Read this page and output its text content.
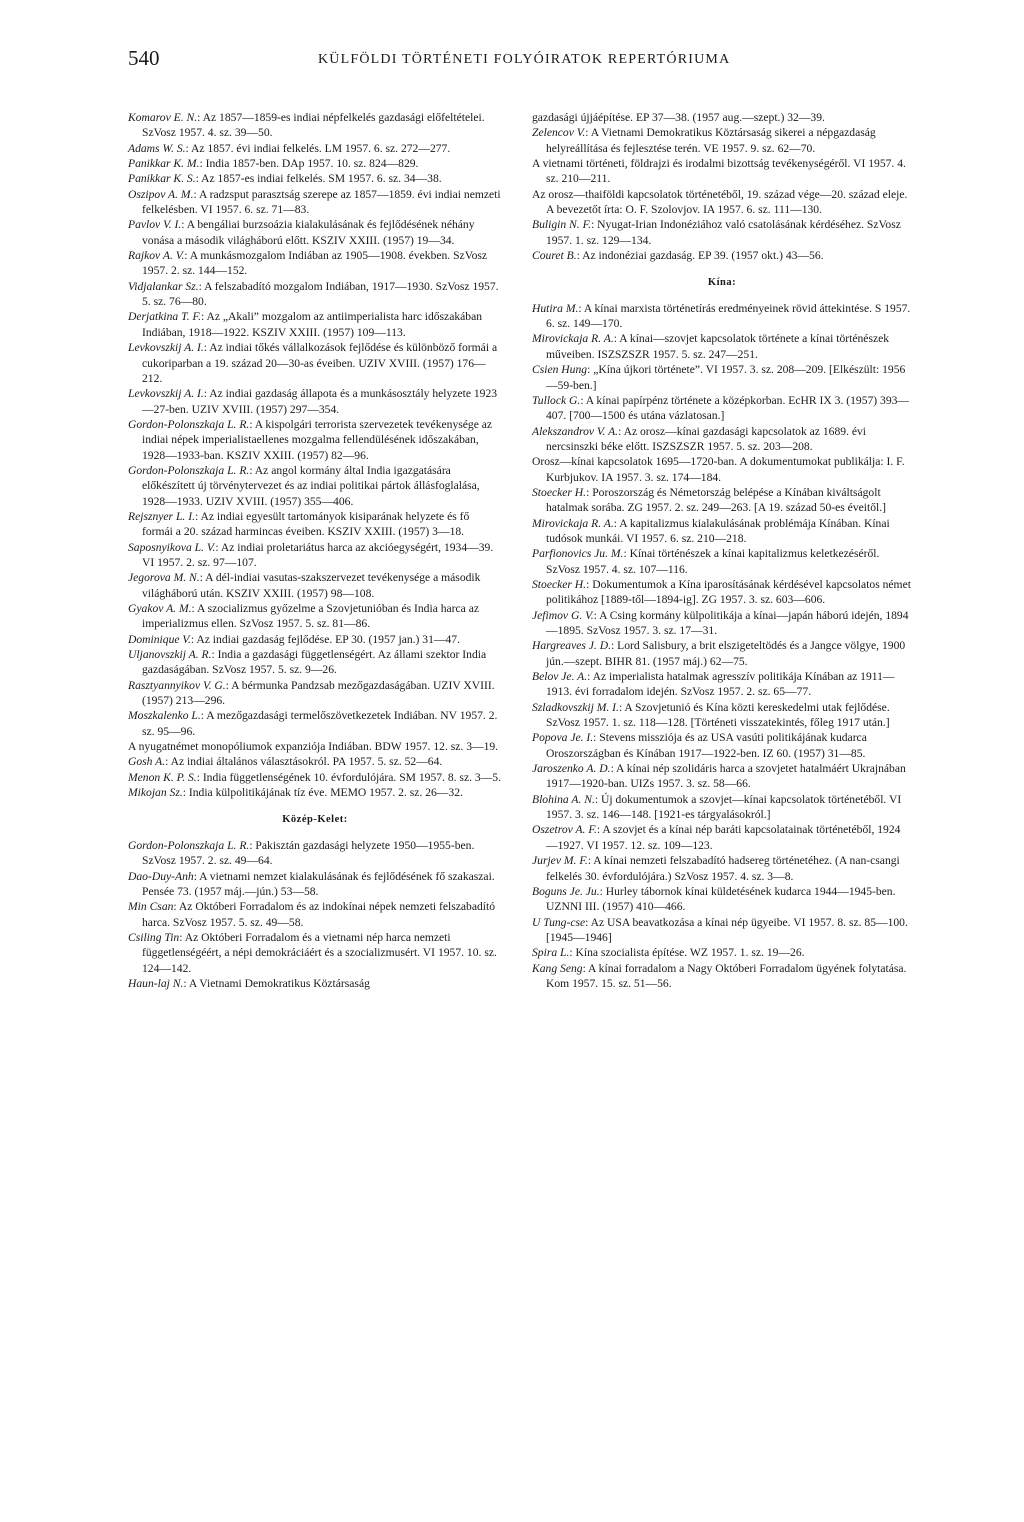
540	KÜLFÖLDI TÖRTÉNETI FOLYÓIRATOK REPERTÓRIUMA

Komarov E. N.: Az 1857—1859-es indiai népfelkelés gazdasági előfeltételei. SzVosz 1957. 4. sz. 39—50.

Adams W. S.: Az 1857. évi indiai felkelés. LM 1957. 6. sz. 272—277.

Panikkar K. M.: India 1857-ben. DAp 1957. 10. sz. 824—829.

Panikkar K. S.: Az 1857-es indiai felkelés. SM 1957. 6. sz. 34—38.

Oszipov A. M.: A radzsput parasztság szerepe az 1857—1859. évi indiai nemzeti felkelésben. VI 1957. 6. sz. 71—83.

Pavlov V. I.: A bengáliai burzsoázia kialakulásának és fejlődésének néhány vonása a második világháború előtt. KSZIV XXIII. (1957) 19—34.

Rajkov A. V.: A munkásmozgalom Indiában az 1905—1908. években. SzVosz 1957. 2. sz. 144—152.

Vidjalankar Sz.: A felszabadító mozgalom Indiában, 1917—1930. SzVosz 1957. 5. sz. 76—80.

Derjatkina T. F.: Az „Akali” mozgalom az antiimperialista harc időszakában Indiában, 1918—1922. KSZIV XXIII. (1957) 109—113.

Levkovszkij A. I.: Az indiai tőkés vállalkozások fejlődése és különböző formái a cukoriparban a 19. század 20—30-as éveiben. UZIV XVIII. (1957) 176—212.

Levkovszkij A. I.: Az indiai gazdaság állapota és a munkásosztály helyzete 1923—27-ben. UZIV XVIII. (1957) 297—354.

Gordon-Polonszkaja L. R.: A kispolgári terrorista szervezetek tevékenysége az indiai népek imperialistaellenes mozgalma fellendülésének időszakában, 1928—1933-ban. KSZIV XXIII. (1957) 82—96.

Gordon-Polonszkaja L. R.: Az angol kormány által India igazgatására előkészített új törvénytervezet és az indiai politikai pártok állásfoglalása, 1928—1933. UZIV XVIII. (1957) 355—406.

Rejsznyer L. I.: Az indiai egyesült tartományok kisiparának helyzete és fő formái a 20. század harmincas éveiben. KSZIV XXIII. (1957) 3—18.

Saposnyikova L. V.: Az indiai proletariátus harca az akcióegységért, 1934—39. VI 1957. 2. sz. 97—107.

Jegorova M. N.: A dél-indiai vasutas-szakszervezet tevékenysége a második világháború után. KSZIV XXIII. (1957) 98—108.

Gyakov A. M.: A szocializmus győzelme a Szovjetunióban és India harca az imperializmus ellen. SzVosz 1957. 5. sz. 81—86.

Dominique V.: Az indiai gazdaság fejlődése. EP 30. (1957 jan.) 31—47.

Uljanovszkij A. R.: India a gazdasági függetlenségért. Az állami szektor India gazdaságában. SzVosz 1957. 5. sz. 9—26.

Rasztyannyikov V. G.: A bérmunka Pandzsab mezőgazdaságában. UZIV XVIII. (1957) 213—296.

Moszkalenko L.: A mezőgazdasági termelőszövetkezetek Indiában. NV 1957. 2. sz. 95—96.

A nyugatnémet monopóliumok expanziója Indiában. BDW 1957. 12. sz. 3—19.

Gosh A.: Az indiai általános választásokról. PA 1957. 5. sz. 52—64.

Menon K. P. S.: India függetlenségének 10. évfordulójára. SM 1957. 8. sz. 3—5.

Mikojan Sz.: India külpolitikájának tíz éve. MEMO 1957. 2. sz. 26—32.

Közép-Kelet:

Gordon-Polonszkaja L. R.: Pakisztán gazdasági helyzete 1950—1955-ben. SzVosz 1957. 2. sz. 49—64.

Dao-Duy-Anh: A vietnami nemzet kialakulásának és fejlődésének fő szakaszai. Pensée 73. (1957 máj.—jún.) 53—58.

Min Csan: Az Októberi Forradalom és az indokínai népek nemzeti felszabadító harca. SzVosz 1957. 5. sz. 49—58.

Csiling Tin: Az Októberi Forradalom és a vietnami nép harca nemzeti függetlenségéért, a népi demokráciáért és a szocializmusért. VI 1957. 10. sz. 124—142.

Haun-laj N.: A Vietnami Demokratikus Köztársaság

gazdasági újjáépítése. EP 37—38. (1957 aug.—szept.) 32—39.

Zelencov V.: A Vietnami Demokratikus Köztársaság sikerei a népgazdaság helyreállítása és fejlesztése terén. VE 1957. 9. sz. 62—70.

A vietnami történeti, földrajzi és irodalmi bizottság tevékenységéről. VI 1957. 4. sz. 210—211.

Az orosz—thaiföldi kapcsolatok történetéből, 19. század vége—20. század eleje. A bevezetőt írta: O. F. Szolovjov. IA 1957. 6. sz. 111—130.

Buligin N. F.: Nyugat-Irian Indonéziához való csatolásának kérdéséhez. SzVosz 1957. 1. sz. 129—134.

Couret B.: Az indonéziai gazdaság. EP 39. (1957 okt.) 43—56.

Kína:

Hutira M.: A kínai marxista történetírás eredményeinek rövid áttekintése. S 1957. 6. sz. 149—170.

Mirovickaja R. A.: A kínai—szovjet kapcsolatok története a kínai történészek műveiben. ISZSZSZR 1957. 5. sz. 247—251.

Csien Hung: „Kína újkori története”. VI 1957. 3. sz. 208—209. [Elkészült: 1956—59-ben.]

Tullock G.: A kínai papírpénz története a középkorban. EcHR IX 3. (1957) 393—407. [700—1500 és utána vázlatosan.]

Alekszandrov V. A.: Az orosz—kínai gazdasági kapcsolatok az 1689. évi nercsinszki béke előtt. ISZSZSZR 1957. 5. sz. 203—208.

Orosz—kínai kapcsolatok 1695—1720-ban. A dokumentumokat publikálja: I. F. Kurbjukov. IA 1957. 3. sz. 174—184.

Stoecker H.: Poroszország és Németország belépése a Kínában kiváltságolt hatalmak sorába. ZG 1957. 2. sz. 249—263. [A 19. század 50-es éveitől.]

Mirovickaja R. A.: A kapitalizmus kialakulásának problémája Kínában. Kínai tudósok munkái. VI 1957. 6. sz. 210—218.

Parfionovics Ju. M.: Kínai történészek a kínai kapitalizmus keletkezéséről. SzVosz 1957. 4. sz. 107—116.

Stoecker H.: Dokumentumok a Kína iparosításának kérdésével kapcsolatos német politikához [1889-től—1894-ig]. ZG 1957. 3. sz. 603—606.

Jefimov G. V.: A Csing kormány külpolitikája a kínai—japán háború idején, 1894—1895. SzVosz 1957. 3. sz. 17—31.

Hargreaves J. D.: Lord Salisbury, a brit elszigeteltödés és a Jangce völgye, 1900 jún.—szept. BIHR 81. (1957 máj.) 62—75.

Belov Je. A.: Az imperialista hatalmak agresszív politikája Kínában az 1911—1913. évi forradalom idején. SzVosz 1957. 2. sz. 65—77.

Szladkovszkij M. I.: A Szovjetunió és Kína közti kereskedelmi utak fejlődése. SzVosz 1957. 1. sz. 118—128. [Történeti visszatekintés, főleg 1917 után.]

Popova Je. I.: Stevens missziója és az USA vasúti politikájának kudarca Oroszországban és Kínában 1917—1922-ben. IZ 60. (1957) 31—85.

Jaroszenko A. D.: A kínai nép szolidáris harca a szovjetet hatalmáért Ukrajnában 1917—1920-ban. UIZs 1957. 3. sz. 58—66.

Blohina A. N.: Új dokumentumok a szovjet—kínai kapcsolatok történetéből. VI 1957. 3. sz. 146—148. [1921-es tárgyalásokról.]

Oszetrov A. F.: A szovjet és a kínai nép baráti kapcsolatainak történetéből, 1924—1927. VI 1957. 12. sz. 109—123.

Jurjev M. F.: A kínai nemzeti felszabadító hadsereg történetéhez. (A nan-csangi felkelés 30. évfordulójára.) SzVosz 1957. 4. sz. 3—8.

Boguns Je. Ju.: Hurley tábornok kínai küldetésének kudarca 1944—1945-ben. UZNNI III. (1957) 410—466.

U Tung-cse: Az USA beavatkozása a kínai nép ügyeibe. VI 1957. 8. sz. 85—100. [1945—1946]

Spira L.: Kína szocialista építése. WZ 1957. 1. sz. 19—26.

Kang Seng: A kínai forradalom a Nagy Októberi Forradalom ügyének folytatása. Kom 1957. 15. sz. 51—56.
